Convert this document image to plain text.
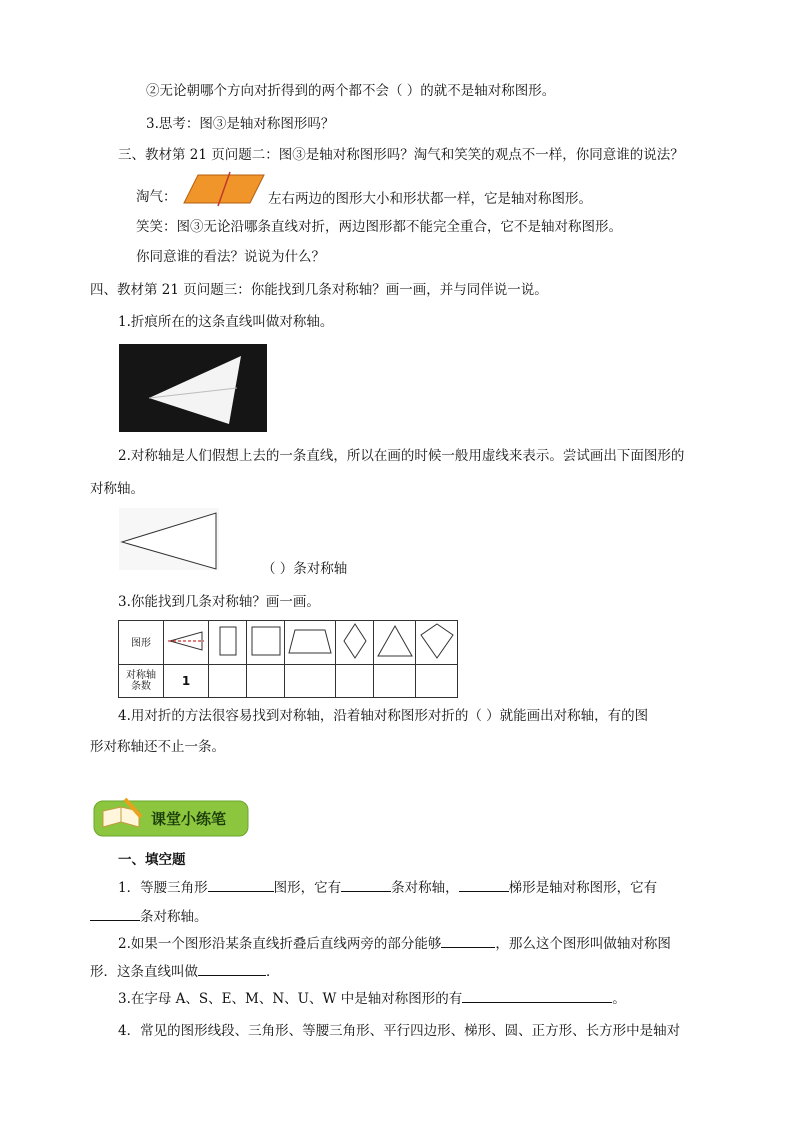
②无论朝哪个方向对折得到的两个都不会（ ）的就不是轴对称图形。
3.思考：图③是轴对称图形吗？
三、教材第 21 页问题二：图③是轴对称图形吗？淘气和笑笑的观点不一样，你同意谁的说法？
淘气：	左右两边的图形大小和形状都一样，它是轴对称图形。
笑笑：图③无论沿哪条直线对折，两边图形都不能完全重合，它不是轴对称图形。
你同意谁的看法？说说为什么？
四、教材第 21 页问题三：你能找到几条对称轴？画一画，并与同伴说一说。
1.折痕所在的这条直线叫做对称轴。
2.对称轴是人们假想上去的一条直线，所以在画的时候一般用虚线来表示。尝试画出下面图形的
对称轴。
（ ）条对称轴
3.你能找到几条对称轴？画一画。
图形							

对称轴
条数	1						
4.用对折的方法很容易找到对称轴，沿着轴对称图形对折的（ ）就能画出对称轴，有的图
形对称轴还不止一条。
课堂小练笔
一、填空题
1．等腰三角形	图形，它有	条对称轴，	梯形是轴对称图形，它有
条对称轴。
2.如果一个图形沿某条直线折叠后直线两旁的部分能够	，那么这个图形叫做轴对称图
形．这条直线叫做	．
3.在字母 A、S、E、M、N、U、W 中是轴对称图形的有	。
4．常见的图形线段、三角形、等腰三角形、平行四边形、梯形、圆、正方形、长方形中是轴对
